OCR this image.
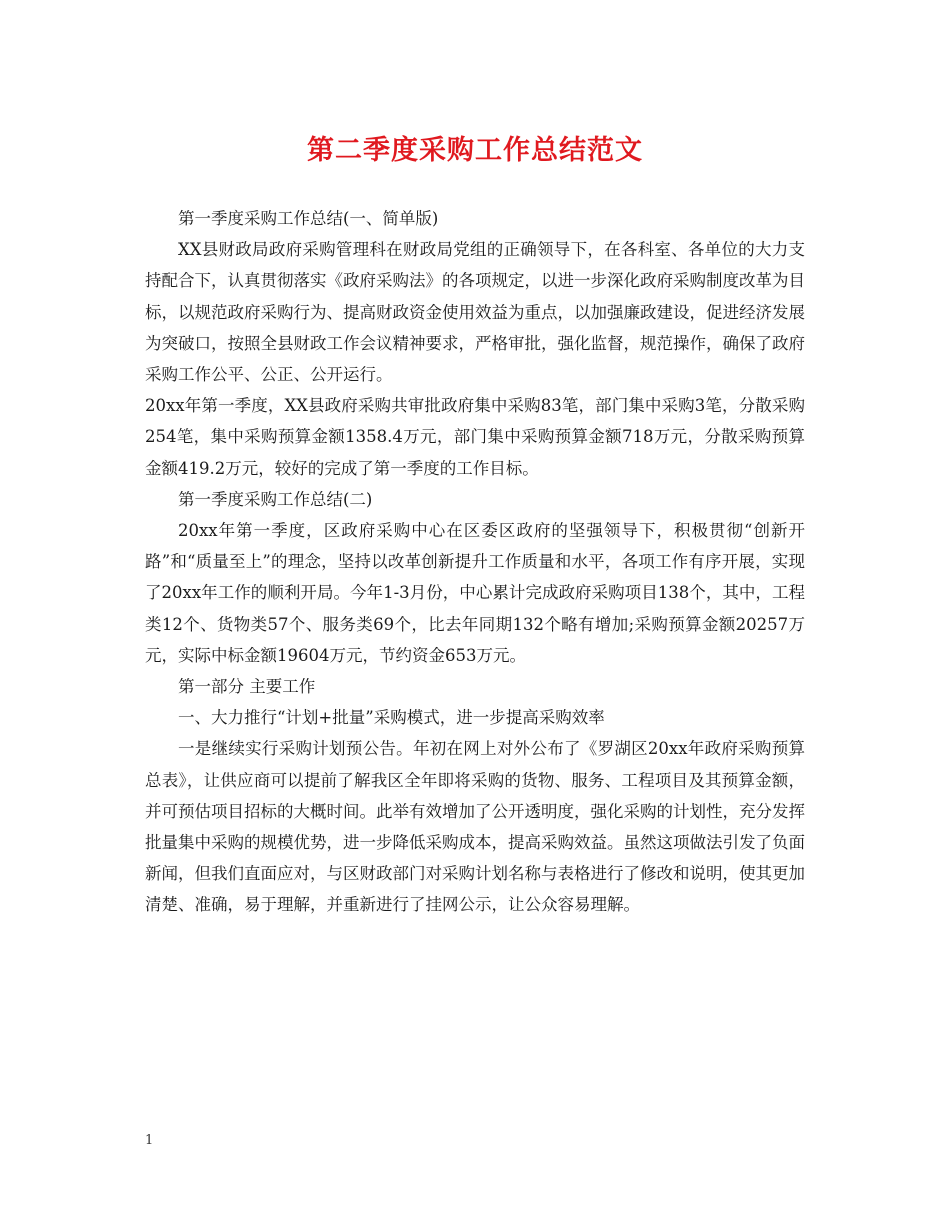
第二季度采购工作总结范文

第一季度采购工作总结(一、简单版)

XX县财政局政府采购管理科在财政局党组的正确领导下，在各科室、各单位的大力支持配合下，认真贯彻落实《政府采购法》的各项规定，以进一步深化政府采购制度改革为目标，以规范政府采购行为、提高财政资金使用效益为重点，以加强廉政建设，促进经济发展为突破口，按照全县财政工作会议精神要求，严格审批，强化监督，规范操作，确保了政府采购工作公平、公正、公开运行。

20xx年第一季度，XX县政府采购共审批政府集中采购83笔，部门集中采购3笔，分散采购254笔，集中采购预算金额1358.4万元，部门集中采购预算金额718万元，分散采购预算金额419.2万元，较好的完成了第一季度的工作目标。

第一季度采购工作总结(二)

20xx年第一季度，区政府采购中心在区委区政府的坚强领导下，积极贯彻“创新开路”和“质量至上”的理念，坚持以改革创新提升工作质量和水平，各项工作有序开展，实现了20xx年工作的顺利开局。今年1-3月份，中心累计完成政府采购项目138个，其中，工程类12个、货物类57个、服务类69个，比去年同期132个略有增加;采购预算金额20257万元，实际中标金额19604万元，节约资金653万元。

第一部分 主要工作

一、大力推行“计划+批量”采购模式，进一步提高采购效率

一是继续实行采购计划预公告。年初在网上对外公布了《罗湖区20xx年政府采购预算总表》，让供应商可以提前了解我区全年即将采购的货物、服务、工程项目及其预算金额，并可预估项目招标的大概时间。此举有效增加了公开透明度，强化采购的计划性，充分发挥批量集中采购的规模优势，进一步降低采购成本，提高采购效益。虽然这项做法引发了负面新闻，但我们直面应对，与区财政部门对采购计划名称与表格进行了修改和说明，使其更加清楚、准确，易于理解，并重新进行了挂网公示，让公众容易理解。

1
